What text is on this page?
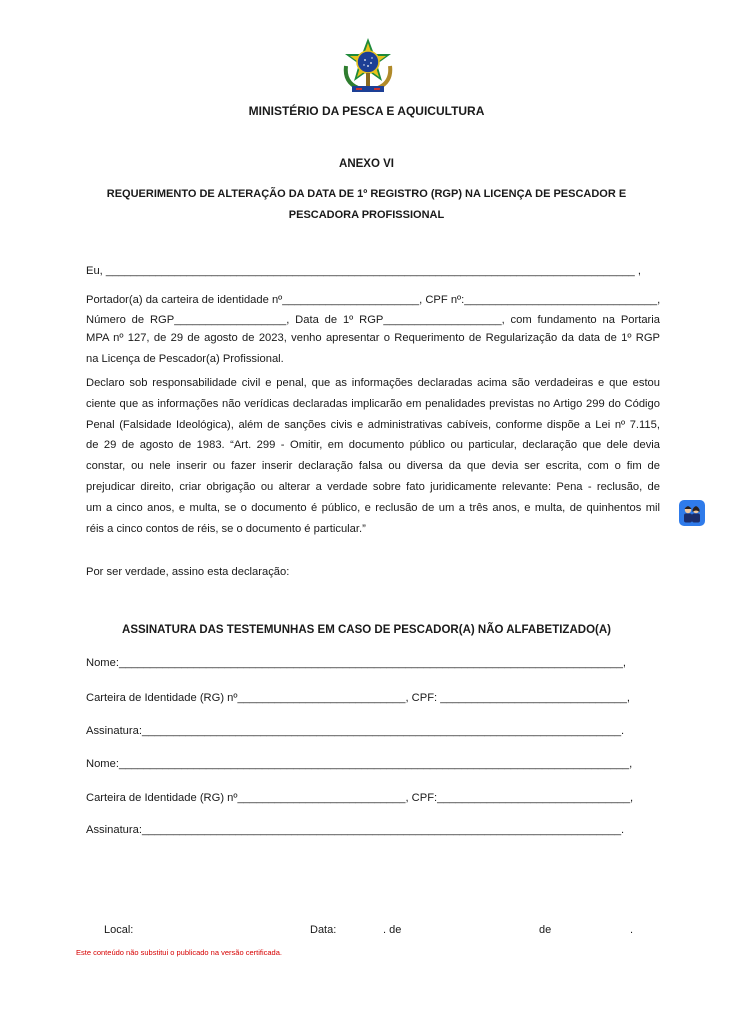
MINISTÉRIO DA PESCA E AQUICULTURA
ANEXO VI
REQUERIMENTO DE ALTERAÇÃO DA DATA DE 1º REGISTRO (RGP) NA LICENÇA DE PESCADOR E
PESCADORA PROFISSIONAL
Eu, _____________________________________________________________________________________ ,
Portador(a) da carteira de identidade nº______________________, CPF nº:_______________________________,
Número de RGP__________________, Data de 1º RGP___________________, com fundamento na Portaria
MPA nº 127, de 29 de agosto de 2023, venho apresentar o Requerimento de Regularização da data de 1º RGP
na Licença de Pescador(a) Profissional.
Declaro sob responsabilidade civil e penal, que as informações declaradas acima são verdadeiras e que estou
ciente que as informações não verídicas declaradas implicarão em penalidades previstas no Artigo 299 do Código
Penal (Falsidade Ideológica), além de sanções civis e administrativas cabíveis, conforme dispõe a Lei nº 7.115,
de 29 de agosto de 1983. “Art. 299 - Omitir, em documento público ou particular, declaração que dele devia
constar, ou nele inserir ou fazer inserir declaração falsa ou diversa da que devia ser escrita, com o fim de
prejudicar direito, criar obrigação ou alterar a verdade sobre fato juridicamente relevante: Pena - reclusão, de
um a cinco anos, e multa, se o documento é público, e reclusão de um a três anos, e multa, de quinhentos mil
réis a cinco contos de réis, se o documento é particular.”
Por ser verdade, assino esta declaração:
ASSINATURA DAS TESTEMUNHAS EM CASO DE PESCADOR(A) NÃO ALFABETIZADO(A)
Nome:_________________________________________________________________________________,
Carteira de Identidade (RG) nº___________________________, CPF: ______________________________,
Assinatura:_____________________________________________________________________________.
Nome:__________________________________________________________________________________,
Carteira de Identidade (RG) nº___________________________, CPF:_______________________________,
Assinatura:_____________________________________________________________________________.
Local:	Data:	. de	de	.
Este conteúdo não substitui o publicado na versão certificada.
